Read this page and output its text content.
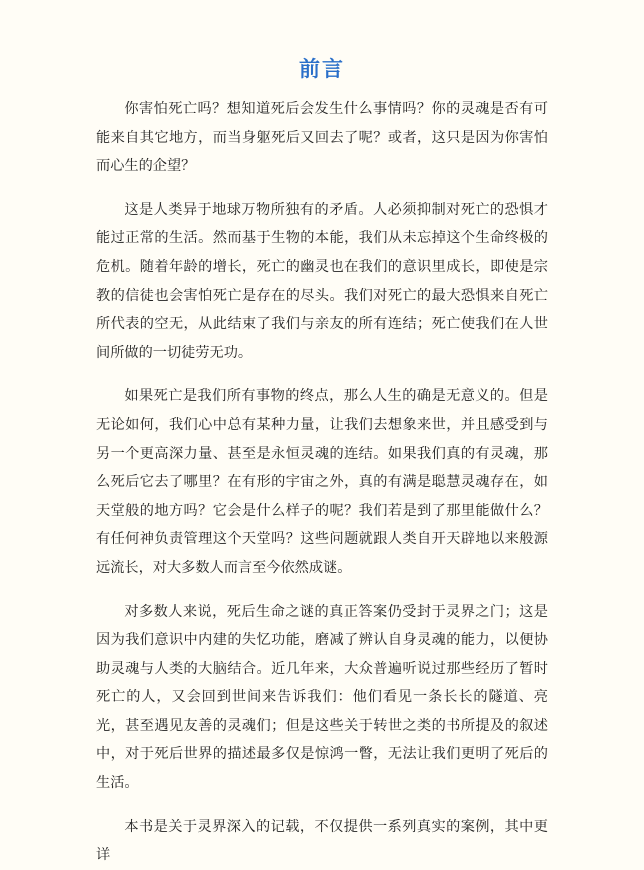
前言

你害怕死亡吗？想知道死后会发生什么事情吗？你的灵魂是否有可能来自其它地方，而当身躯死后又回去了呢？或者，这只是因为你害怕而心生的企望？

这是人类异于地球万物所独有的矛盾。人必须抑制对死亡的恐惧才能过正常的生活。然而基于生物的本能，我们从未忘掉这个生命终极的危机。随着年龄的增长，死亡的幽灵也在我们的意识里成长，即使是宗教的信徒也会害怕死亡是存在的尽头。我们对死亡的最大恐惧来自死亡所代表的空无，从此结束了我们与亲友的所有连结；死亡使我们在人世间所做的一切徒劳无功。

如果死亡是我们所有事物的终点，那么人生的确是无意义的。但是无论如何，我们心中总有某种力量，让我们去想象来世，并且感受到与另一个更高深力量、甚至是永恒灵魂的连结。如果我们真的有灵魂，那么死后它去了哪里？在有形的宇宙之外，真的有满是聪慧灵魂存在，如天堂般的地方吗？它会是什么样子的呢？我们若是到了那里能做什么？有任何神负责管理这个天堂吗？这些问题就跟人类自开天辟地以来般源远流长，对大多数人而言至今依然成谜。

对多数人来说，死后生命之谜的真正答案仍受封于灵界之门；这是因为我们意识中内建的失忆功能，磨减了辨认自身灵魂的能力，以便协助灵魂与人类的大脑结合。近几年来，大众普遍听说过那些经历了暂时死亡的人，又会回到世间来告诉我们：他们看见一条长长的隧道、亮光，甚至遇见友善的灵魂们；但是这些关于转世之类的书所提及的叙述中，对于死后世界的描述最多仅是惊鸿一瞥，无法让我们更明了死后的生活。

本书是关于灵界深入的记载，不仅提供一系列真实的案例，其中更详
